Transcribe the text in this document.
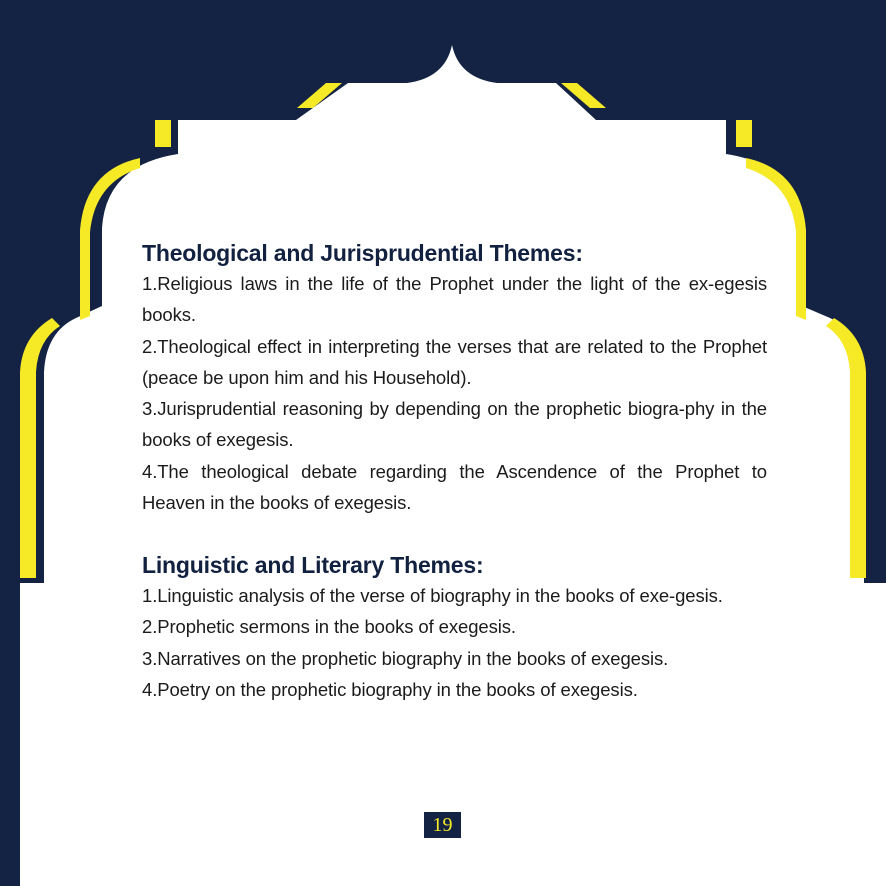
Theological and Jurisprudential Themes:
1.Religious laws in the life of the Prophet under the light of the ex-egesis books.
2.Theological effect in interpreting the verses that are related to the Prophet (peace be upon him and his Household).
3.Jurisprudential reasoning by depending on the prophetic biogra-phy in the books of exegesis.
4.The theological debate regarding the Ascendence of the Prophet to Heaven in the books of exegesis.
Linguistic and Literary Themes:
1.Linguistic analysis of the verse of biography in the books of exe-gesis.
2.Prophetic sermons in the books of exegesis.
3.Narratives on the prophetic biography in the books of exegesis.
4.Poetry on the prophetic biography in the books of exegesis.
19
